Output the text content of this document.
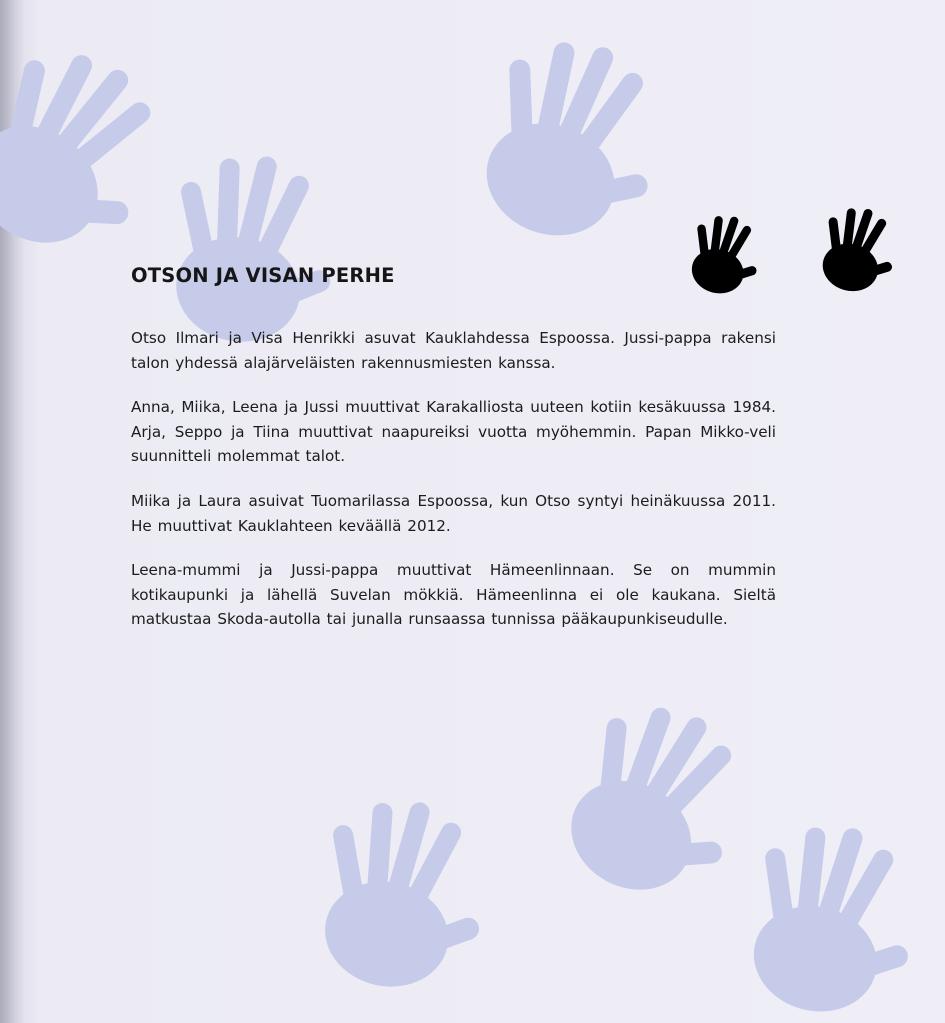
OTSON JA VISAN PERHE

Otso Ilmari ja Visa Henrikki asuvat Kauklahdessa Espoossa. Jussi-pappa rakensi talon yhdessä alajärveläisten rakennusmiesten kanssa.

Anna, Miika, Leena ja Jussi muuttivat Karakalliosta uuteen kotiin kesäkuussa 1984. Arja, Seppo ja Tiina muuttivat naapureiksi vuotta myöhemmin. Papan Mikko-veli suunnitteli molemmat talot.

Miika ja Laura asuivat Tuomarilassa Espoossa, kun Otso syntyi heinäkuussa 2011. He muuttivat Kauklahteen keväällä 2012.

Leena-mummi ja Jussi-pappa muuttivat Hämeenlinnaan. Se on mummin kotikaupunki ja lähellä Suvelan mökkiä. Hämeenlinna ei ole kaukana. Sieltä matkustaa Skoda-autolla tai junalla runsaassa tunnissa pääkaupunkiseudulle.
